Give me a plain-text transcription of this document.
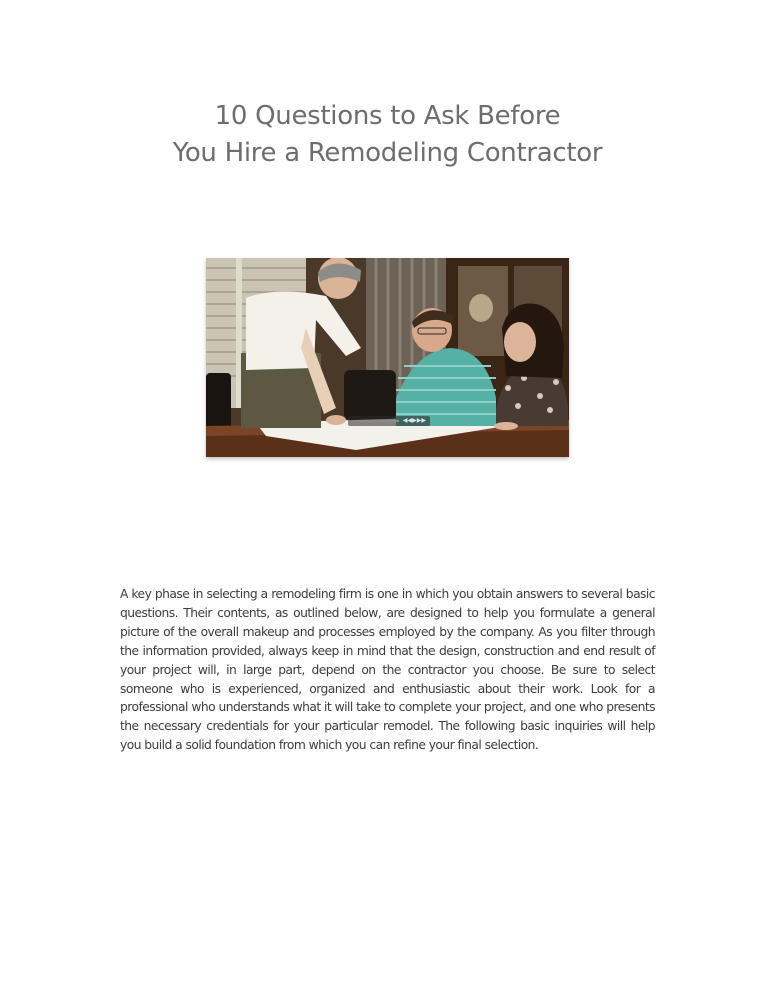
10 Questions to Ask Before
You Hire a Remodeling Contractor
◀◀ ▶ ▶▶

A key phase in selecting a remodeling firm is one in which you obtain answers to several basic questions. Their contents, as outlined below, are designed to help you formulate a general picture of the overall makeup and processes employed by the company. As you filter through the information provided, always keep in mind that the design, construction and end result of your project will, in large part, depend on the contractor you choose. Be sure to select someone who is experienced, organized and enthusiastic about their work. Look for a professional who understands what it will take to complete your project, and one who presents the necessary credentials for your particular remodel. The following basic inquiries will help you build a solid foundation from which you can refine your final selection.
